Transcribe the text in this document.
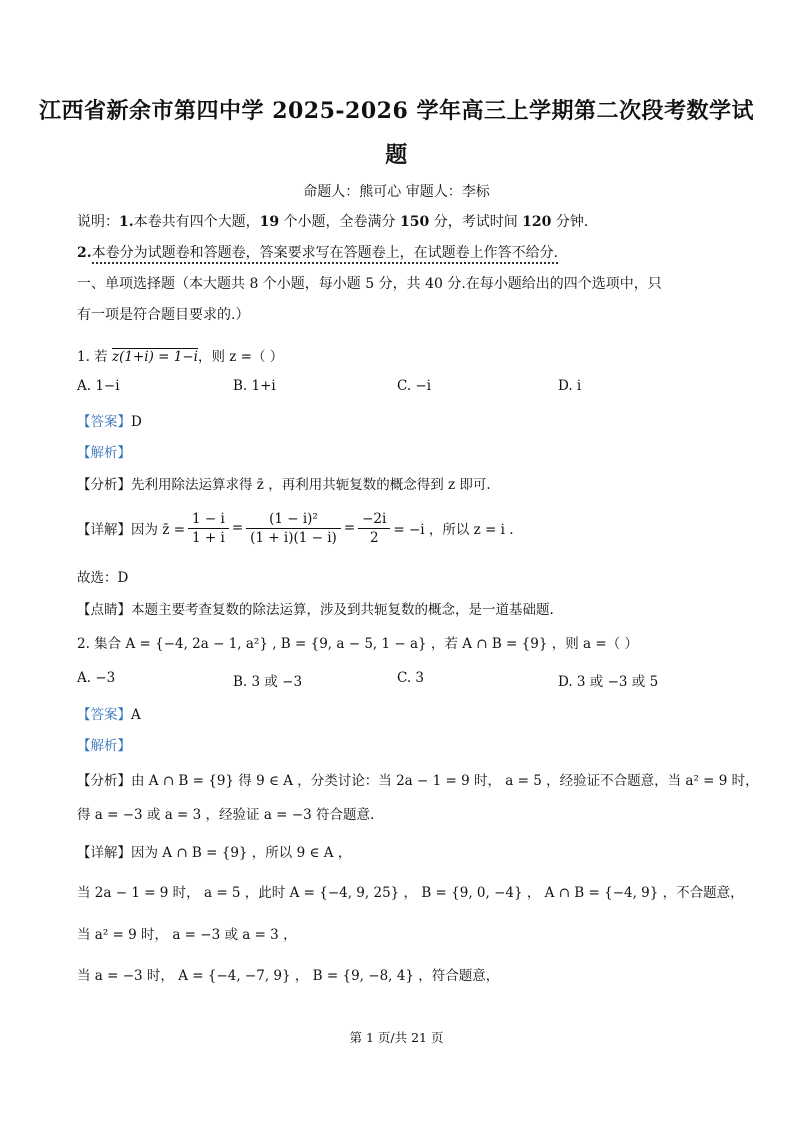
江西省新余市第四中学 2025-2026 学年高三上学期第二次段考数学试
题
命题人：熊可心 审题人：李标
说明：1.本卷共有四个大题，19 个小题，全卷满分 150 分，考试时间 120 分钟.
2.本卷分为试题卷和答题卷，答案要求写在答题卷上，在试题卷上作答不给分.
一、单项选择题（本大题共 8 个小题，每小题 5 分，共 40 分.在每小题给出的四个选项中，只
有一项是符合题目要求的.）
1. 若 z(1+i) = 1−i，则 z =（ ）
A. 1−i	B. 1+i	C. −i	D. i
【答案】D
【解析】
【分析】先利用除法运算求得 z̄ ，再利用共轭复数的概念得到 z 即可.
【详解】 因为 z̄ = $\frac{1 - i}{1 + i} = \frac{\text{(1 − i)²}}{(1 + i)(1 - i)} = \frac{-2i}{2} = -i$ ，所以 z = i .
故选：D
【点睛】本题主要考查复数的除法运算，涉及到共轭复数的概念，是一道基础题.
2. 集合 A = {−4, 2a − 1, a²} , B = {9, a − 5, 1 − a} ，若 A ∩ B = {9} ，则 a =（ ）
A. −3	B. 3 或 −3	C. 3	D. 3 或 −3 或 5
【答案】A
【解析】
【分析】由 A ∩ B = {9} 得 9 ∈ A ，分类讨论：当 2a − 1 = 9 时， a = 5 ，经验证不合题意，当 a² = 9 时，
得 a = −3 或 a = 3 ，经验证 a = −3 符合题意.
【详解】因为 A ∩ B = {9} ，所以 9 ∈ A ，
当 2a − 1 = 9 时， a = 5 ，此时 A = {−4, 9, 25} ， B = {9, 0, −4} ， A ∩ B = {−4, 9} ，不合题意，
当 a² = 9 时， a = −3 或 a = 3 ，
当 a = −3 时， A = {−4, −7, 9} ， B = {9, −8, 4} ，符合题意，
第 1 页/共 21 页
